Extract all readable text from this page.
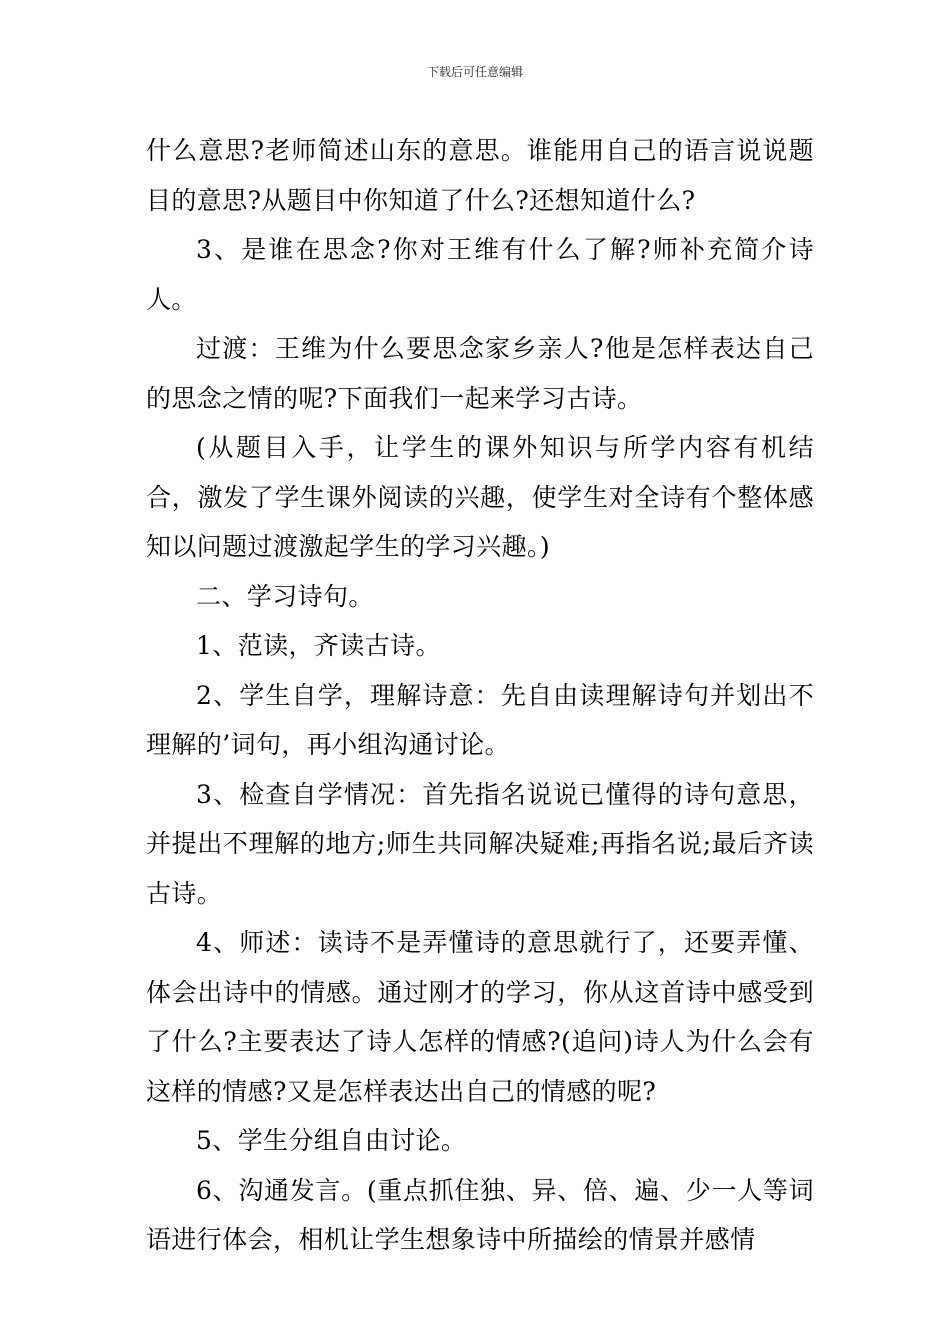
下载后可任意编辑

什么意思?老师简述山东的意思。谁能用自己的语言说说题目的意思?从题目中你知道了什么?还想知道什么?

3、是谁在思念?你对王维有什么了解?师补充简介诗人。

过渡：王维为什么要思念家乡亲人?他是怎样表达自己的思念之情的呢?下面我们一起来学习古诗。

(从题目入手，让学生的课外知识与所学内容有机结合，激发了学生课外阅读的兴趣，使学生对全诗有个整体感知以问题过渡激起学生的学习兴趣。)

二、学习诗句。

1、范读，齐读古诗。

2、学生自学，理解诗意：先自由读理解诗句并划出不理解的’词句，再小组沟通讨论。

3、检查自学情况：首先指名说说已懂得的诗句意思，并提出不理解的地方;师生共同解决疑难;再指名说;最后齐读古诗。

4、师述：读诗不是弄懂诗的意思就行了，还要弄懂、体会出诗中的情感。通过刚才的学习，你从这首诗中感受到了什么?主要表达了诗人怎样的情感?(追问)诗人为什么会有这样的情感?又是怎样表达出自己的情感的呢?

5、学生分组自由讨论。

6、沟通发言。(重点抓住独、异、倍、遍、少一人等词语进行体会，相机让学生想象诗中所描绘的情景并感情
